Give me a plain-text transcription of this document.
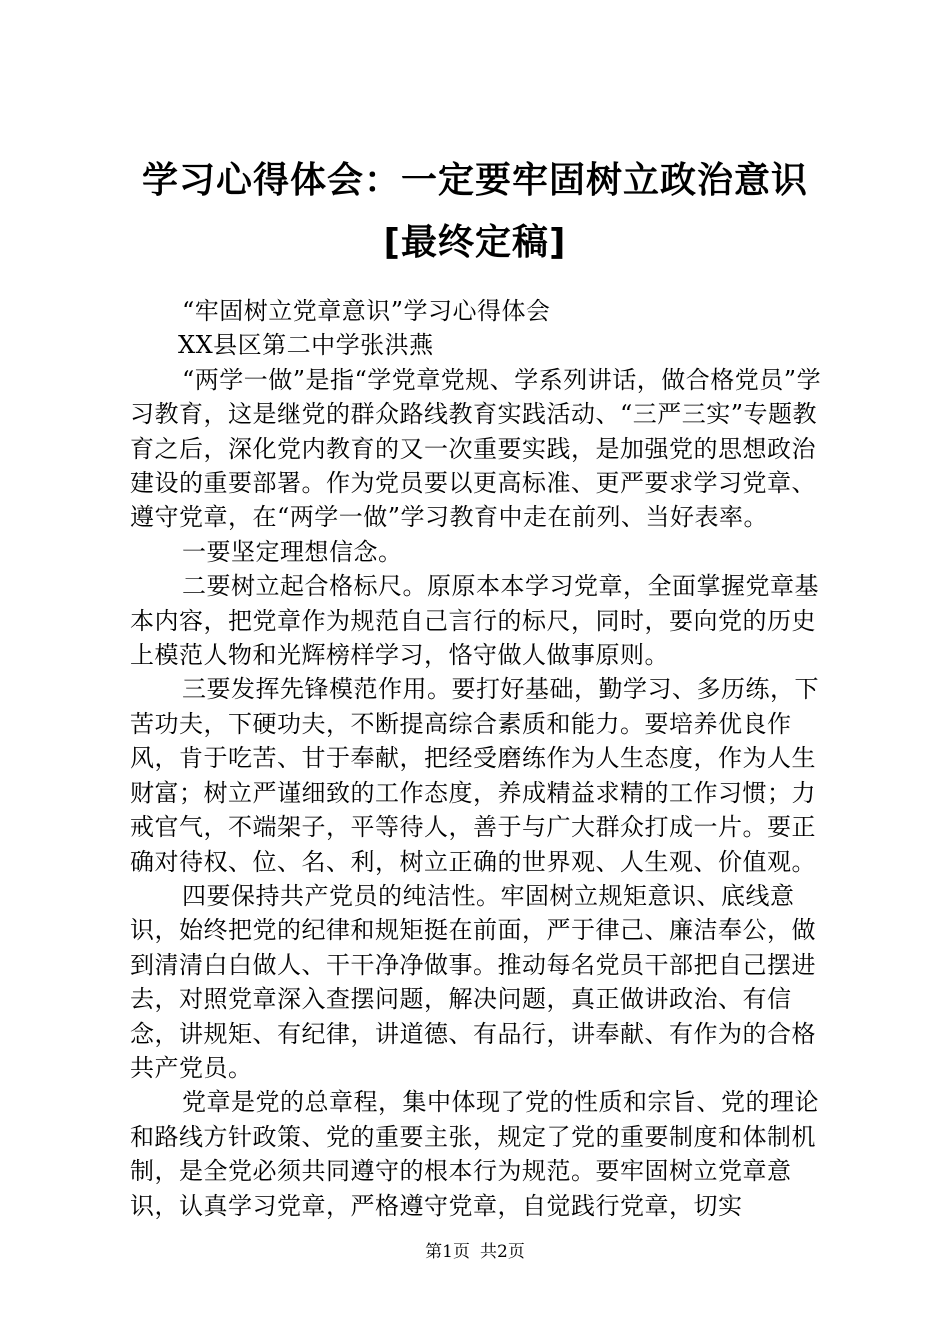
学习心得体会：一定要牢固树立政治意识[最终定稿]

“牢固树立党章意识”学习心得体会

XX县区第二中学张洪燕

“两学一做”是指“学党章党规、学系列讲话，做合格党员”学习教育，这是继党的群众路线教育实践活动、“三严三实”专题教育之后，深化党内教育的又一次重要实践，是加强党的思想政治建设的重要部署。作为党员要以更高标准、更严要求学习党章、遵守党章，在“两学一做”学习教育中走在前列、当好表率。

一要坚定理想信念。

二要树立起合格标尺。原原本本学习党章，全面掌握党章基本内容，把党章作为规范自己言行的标尺，同时，要向党的历史上模范人物和光辉榜样学习，恪守做人做事原则。

三要发挥先锋模范作用。要打好基础，勤学习、多历练，下苦功夫，下硬功夫，不断提高综合素质和能力。要培养优良作风，肯于吃苦、甘于奉献，把经受磨练作为人生态度，作为人生财富；树立严谨细致的工作态度，养成精益求精的工作习惯；力戒官气，不端架子，平等待人，善于与广大群众打成一片。要正确对待权、位、名、利，树立正确的世界观、人生观、价值观。

四要保持共产党员的纯洁性。牢固树立规矩意识、底线意识，始终把党的纪律和规矩挺在前面，严于律己、廉洁奉公，做到清清白白做人、干干净净做事。推动每名党员干部把自己摆进去，对照党章深入查摆问题，解决问题，真正做讲政治、有信念，讲规矩、有纪律，讲道德、有品行，讲奉献、有作为的合格共产党员。

党章是党的总章程，集中体现了党的性质和宗旨、党的理论和路线方针政策、党的重要主张，规定了党的重要制度和体制机制，是全党必须共同遵守的根本行为规范。要牢固树立党章意识，认真学习党章，严格遵守党章，自觉践行党章，切实

第1页 共2页
